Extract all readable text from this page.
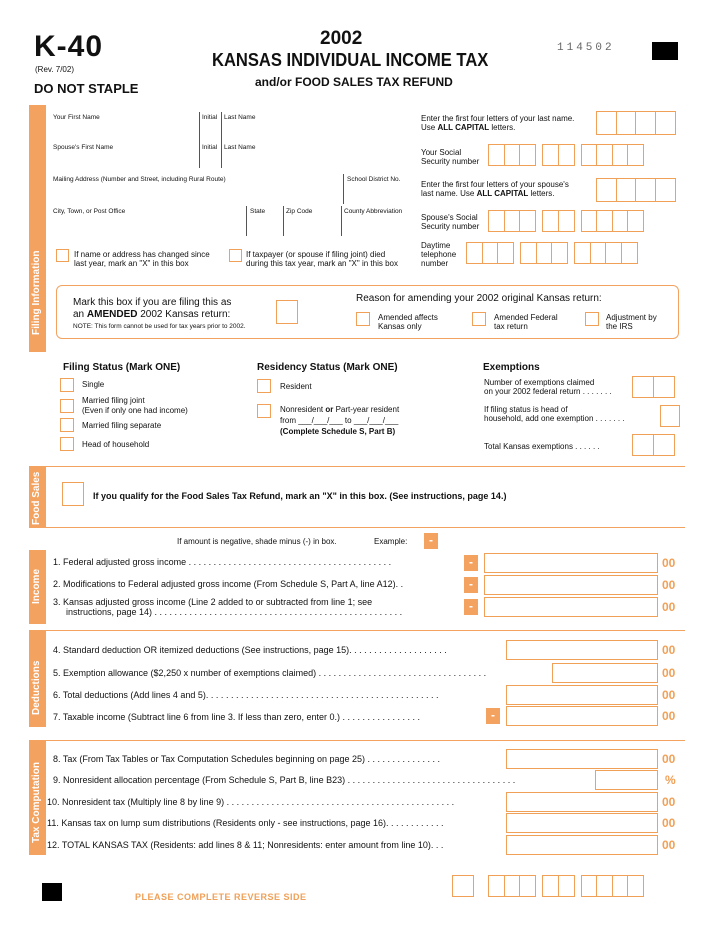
K-40
(Rev. 7/02)
DO NOT STAPLE
2002
KANSAS INDIVIDUAL INCOME TAX
and/or FOOD SALES TAX REFUND
114502
Filing Information
Your First Name	Initial Last Name
Spouse's First Name	Initial Last Name
Mailing Address (Number and Street, including Rural Route)	School District No.
City, Town, or Post Office	State	Zip Code	County Abbreviation
Enter the first four letters of your last name.
Use ALL CAPITAL letters.
Your Social
Security number
Enter the first four letters of your spouse's
last name. Use ALL CAPITAL letters.
Spouse's Social
Security number
Daytime
telephone
number
If name or address has changed since
last year, mark an "X" in this box
If taxpayer (or spouse if filing joint) died
during this tax year, mark an "X" in this box
Mark this box if you are filing this as
an AMENDED 2002 Kansas return:
NOTE: This form cannot be used for tax years prior to 2002.
Reason for amending your 2002 original Kansas return:
Amended affects
Kansas only
Amended Federal
tax return
Adjustment by
the IRS
Filing Status (Mark ONE)
Single
Married filing joint
(Even if only one had income)
Married filing separate
Head of household
Residency Status (Mark ONE)
Resident
Nonresident or Part-year resident
from ___/___/___ to ___/___/___
(Complete Schedule S, Part B)
Exemptions
Number of exemptions claimed
on your 2002 federal return . . . . . . .
If filing status is head of
household, add one exemption . . . . . . .
Total Kansas exemptions . . . . . .
Food Sales	If you qualify for the Food Sales Tax Refund, mark an "X" in this box. (See instructions, page 14.)
If amount is negative, shade minus (-) in box.	Example:	-
Income
1. Federal adjusted gross income . . . . . . . . . . . . . . . . . . . . . . . . . . . . . . . . . . . . . . . . .	-	00
2. Modifications to Federal adjusted gross income (From Schedule S, Part A, line A12). .	-	00
3. Kansas adjusted gross income (Line 2 added to or subtracted from line 1; see
instructions, page 14) . . . . . . . . . . . . . . . . . . . . . . . . . . . . . . . . . . . . . . . . . . . . . . . . . .	-	00
Deductions
4. Standard deduction OR itemized deductions (See instructions, page 15). . . . . . . . . . . . . . . . . . . .	00
5. Exemption allowance ($2,250 x number of exemptions claimed) . . . . . . . . . . . . . . . . . . . . . . . . . . . . . . . . . .	00
6. Total deductions (Add lines 4 and 5). . . . . . . . . . . . . . . . . . . . . . . . . . . . . . . . . . . . . . . . . . . . . . .	00
7. Taxable income (Subtract line 6 from line 3. If less than zero, enter 0.) . . . . . . . . . . . . . . . .	-	00
Tax Computation
8. Tax (From Tax Tables or Tax Computation Schedules beginning on page 25) . . . . . . . . . . . . . . .	00
9. Nonresident allocation percentage (From Schedule S, Part B, line B23) . . . . . . . . . . . . . . . . . . . . . . . . . . . . . . . . . .	%
10. Nonresident tax (Multiply line 8 by line 9) . . . . . . . . . . . . . . . . . . . . . . . . . . . . . . . . . . . . . . . . . . . . . .	00
11. Kansas tax on lump sum distributions (Residents only - see instructions, page 16). . . . . . . . . . . .	00
12. TOTAL KANSAS TAX (Residents: add lines 8 & 11; Nonresidents: enter amount from line 10). . .	00
PLEASE COMPLETE REVERSE SIDE
